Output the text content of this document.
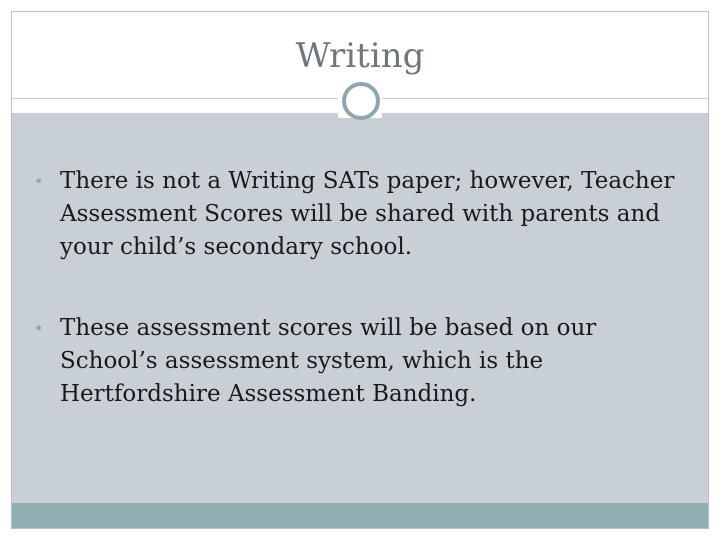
Writing
• There is not a Writing SATs paper; however, Teacher Assessment Scores will be shared with parents and your child’s secondary school.
• These assessment scores will be based on our School’s assessment system, which is the Hertfordshire Assessment Banding.
